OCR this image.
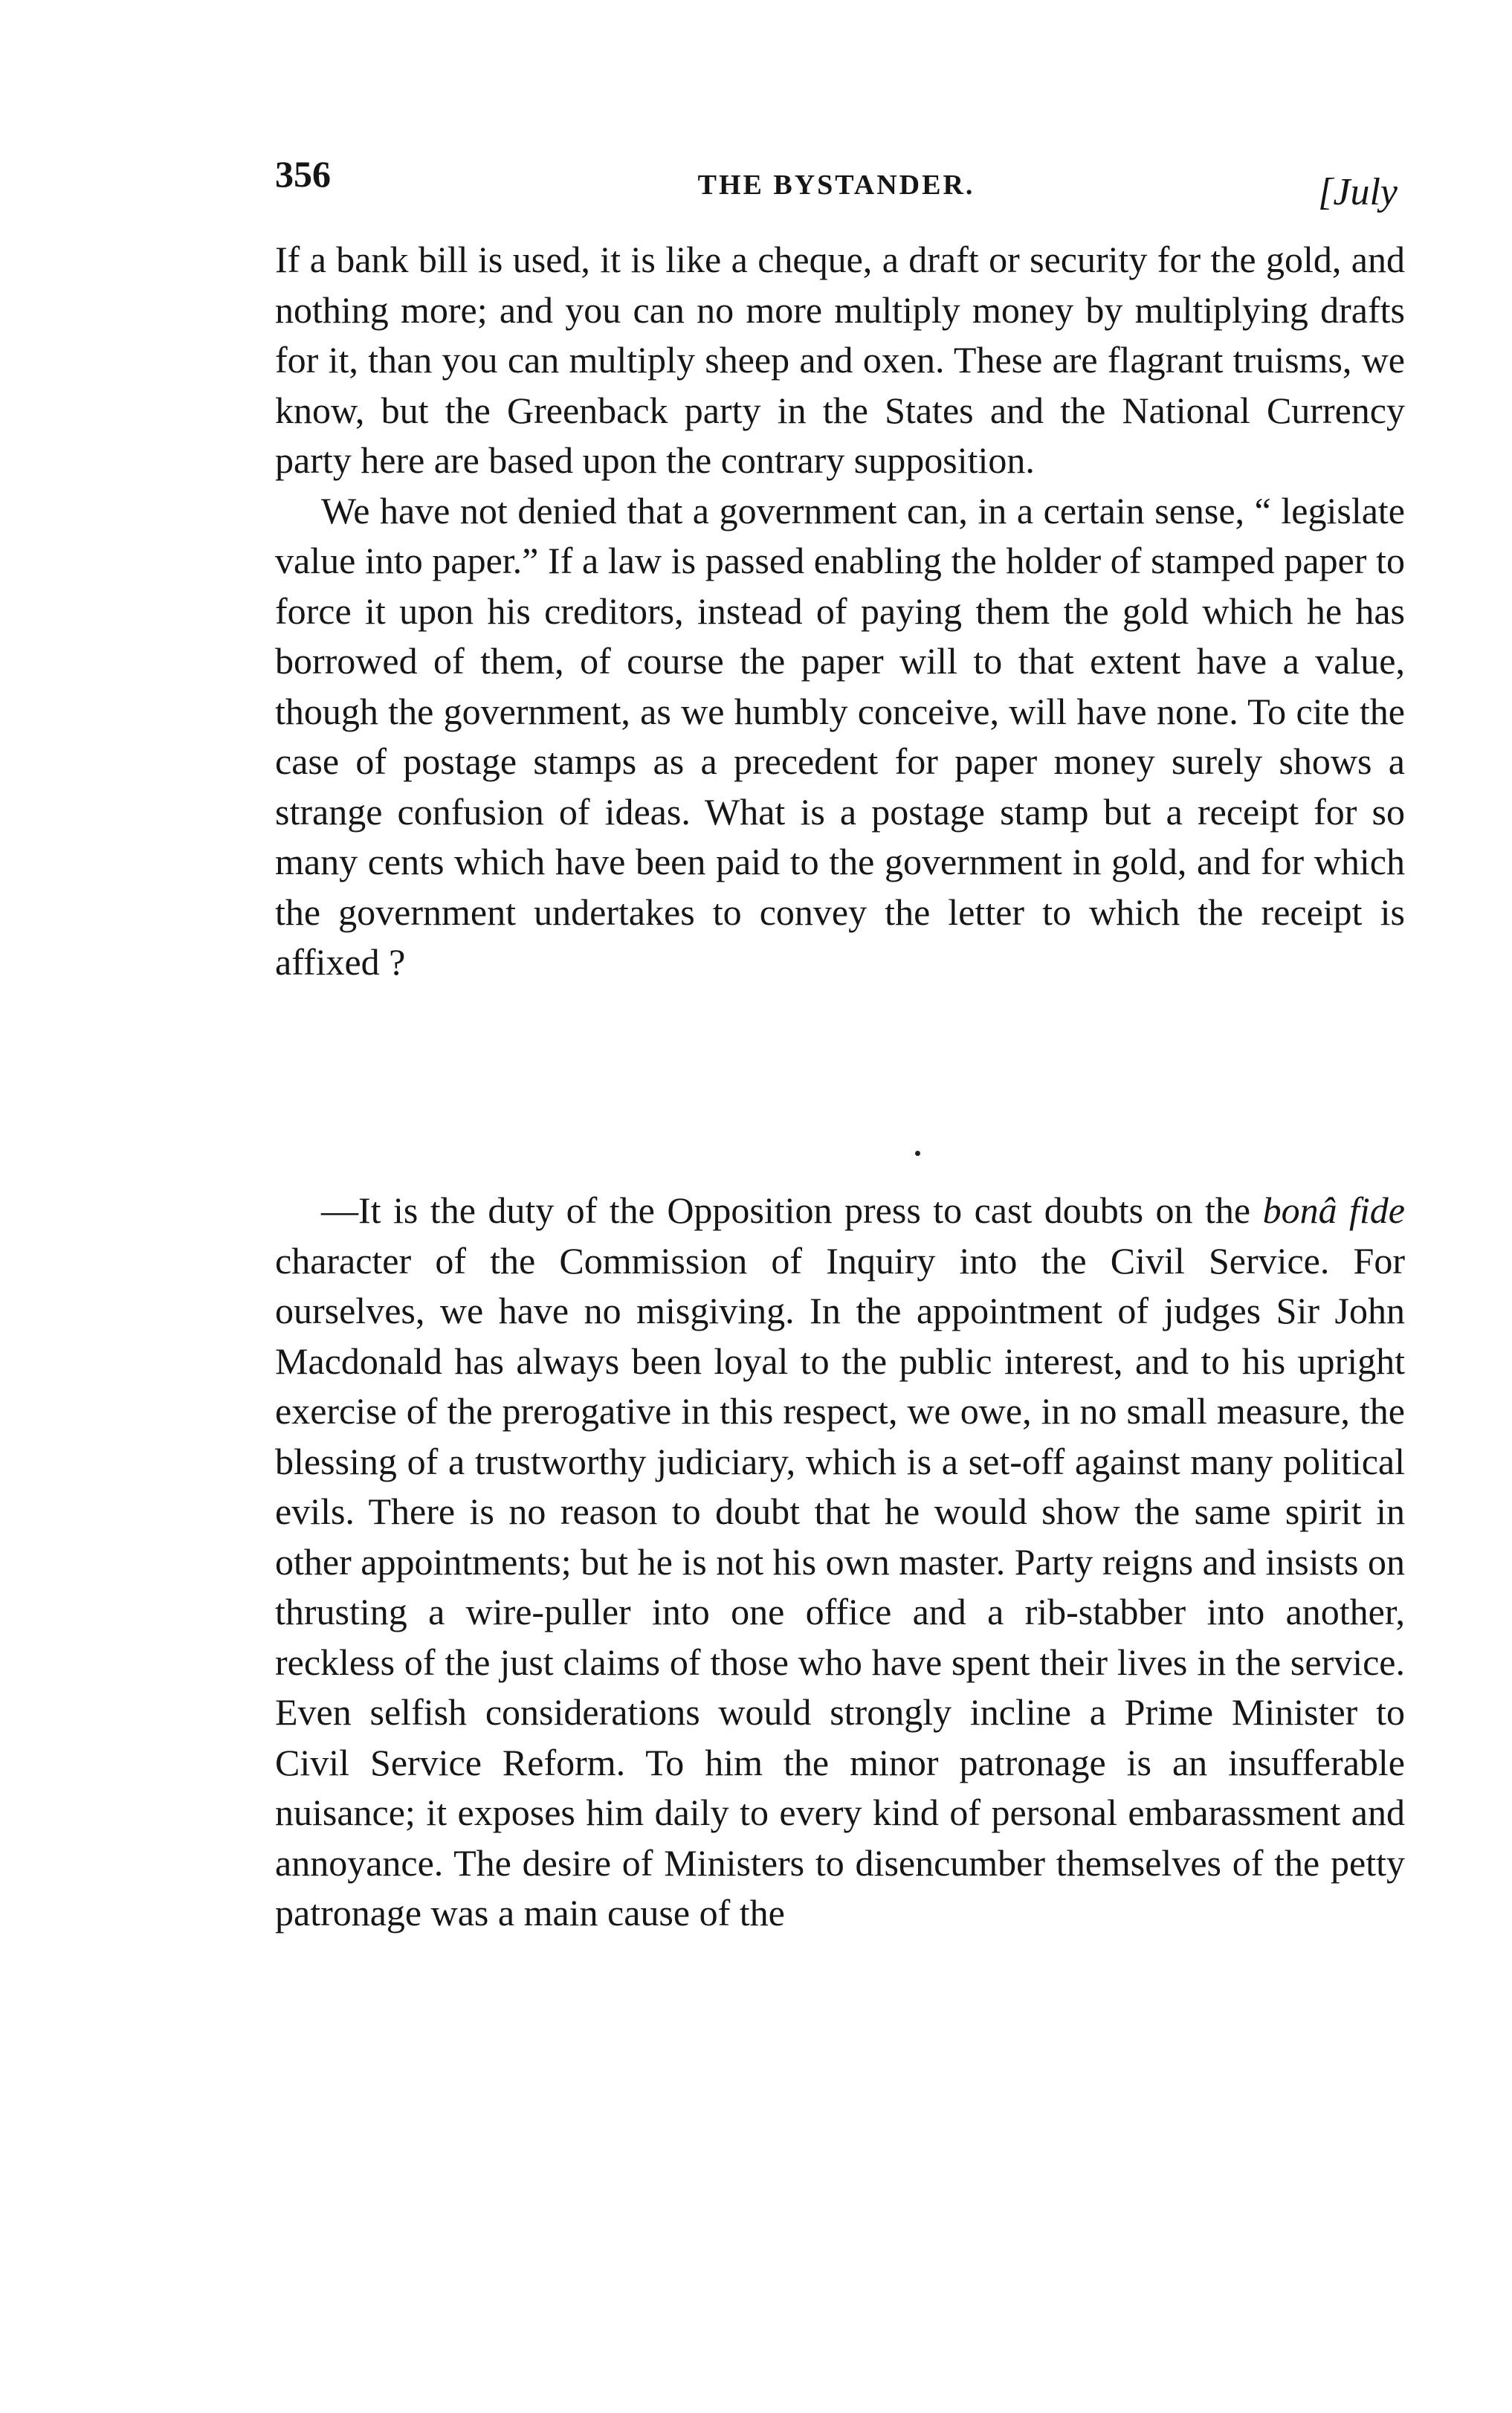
356	THE BYSTANDER.	[July

If a bank bill is used, it is like a cheque, a draft or security for the gold, and nothing more; and you can no more multiply money by multiplying drafts for it, than you can multiply sheep and oxen. These are flagrant truisms, we know, but the Greenback party in the States and the National Currency party here are based upon the contrary supposition.

We have not denied that a government can, in a certain sense, “ legislate value into paper.” If a law is passed enabling the holder of stamped paper to force it upon his creditors, instead of paying them the gold which he has borrowed of them, of course the paper will to that extent have a value, though the government, as we humbly conceive, will have none. To cite the case of postage stamps as a precedent for paper money surely shows a strange confusion of ideas. What is a postage stamp but a receipt for so many cents which have been paid to the government in gold, and for which the government undertakes to convey the letter to which the receipt is affixed ?

—It is the duty of the Opposition press to cast doubts on the bonâ fide character of the Commission of Inquiry into the Civil Service. For ourselves, we have no misgiving. In the appointment of judges Sir John Macdonald has always been loyal to the public interest, and to his upright exercise of the prerogative in this respect, we owe, in no small measure, the blessing of a trustworthy judiciary, which is a set-off against many political evils. There is no reason to doubt that he would show the same spirit in other appointments; but he is not his own master. Party reigns and insists on thrusting a wire-puller into one office and a rib-stabber into another, reckless of the just claims of those who have spent their lives in the service. Even selfish considerations would strongly incline a Prime Minister to Civil Service Reform. To him the minor patronage is an insufferable nuisance; it exposes him daily to every kind of personal embarassment and annoyance. The desire of Ministers to disencumber themselves of the petty patronage was a main cause of the
